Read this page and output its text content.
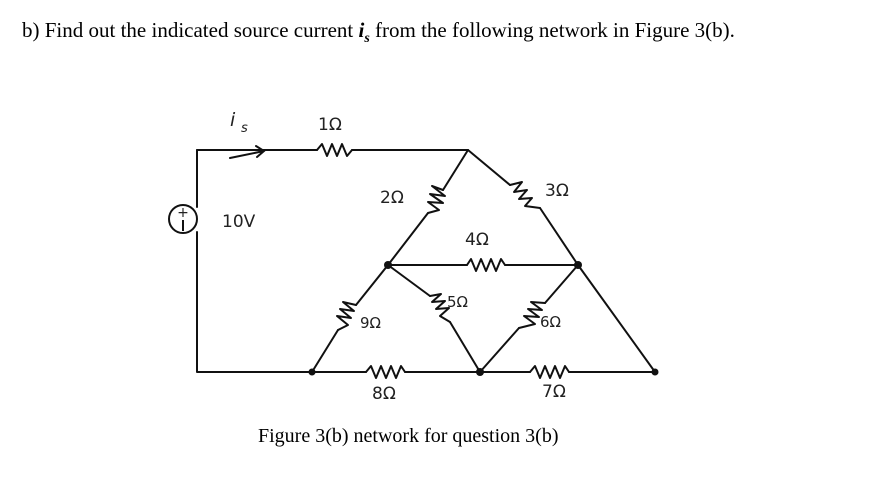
b) Find out the indicated source current $i_s$ from the following network in Figure 3(b).
+ 10V
i s	1Ω
2Ω	3Ω
4Ω
5Ω
6Ω
7Ω
8Ω
9Ω
Figure 3(b) network for question 3(b)
